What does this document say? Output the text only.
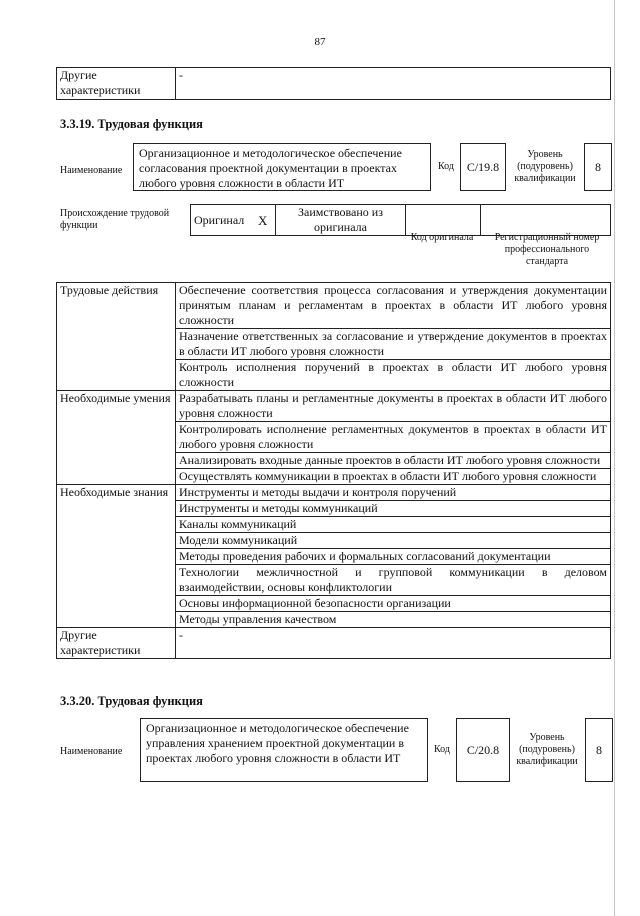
87
Другие характеристики	-
3.3.19. Трудовая функция
Наименование
Организационное и методологическое обеспечение согласования проектной документации в проектах любого уровня сложности в области ИТ
Код	C/19.8
Уровень (подуровень) квалификации
8
Происхождение трудовой функции	Оригинал	X	Заимствовано из оригинала		
Код оригинала	Регистрационный номер профессионального стандарта
Трудовые действия	Обеспечение соответствия процесса согласования и утверждения документации принятым планам и регламентам в проектах в области ИТ любого уровня сложности
	Назначение ответственных за согласование и утверждение документов в проектах в области ИТ любого уровня сложности
	Контроль исполнения поручений в проектах в области ИТ любого уровня сложности
Необходимые умения	Разрабатывать планы и регламентные документы в проектах в области ИТ любого уровня сложности
	Контролировать исполнение регламентных документов в проектах в области ИТ любого уровня сложности
	Анализировать входные данные проектов в области ИТ любого уровня сложности
	Осуществлять коммуникации в проектах в области ИТ любого уровня сложности
Необходимые знания	Инструменты и методы выдачи и контроля поручений
	Инструменты и методы коммуникаций
	Каналы коммуникаций
	Модели коммуникаций
	Методы проведения рабочих и формальных согласований документации
	Технологии межличностной и групповой коммуникации в деловом взаимодействии, основы конфликтологии
	Основы информационной безопасности организации
	Методы управления качеством
Другие характеристики	-
3.3.20. Трудовая функция
Наименование
Организационное и методологическое обеспечение управления хранением проектной документации в проектах любого уровня сложности в области ИТ
Код	C/20.8
Уровень (подуровень) квалификации
8
